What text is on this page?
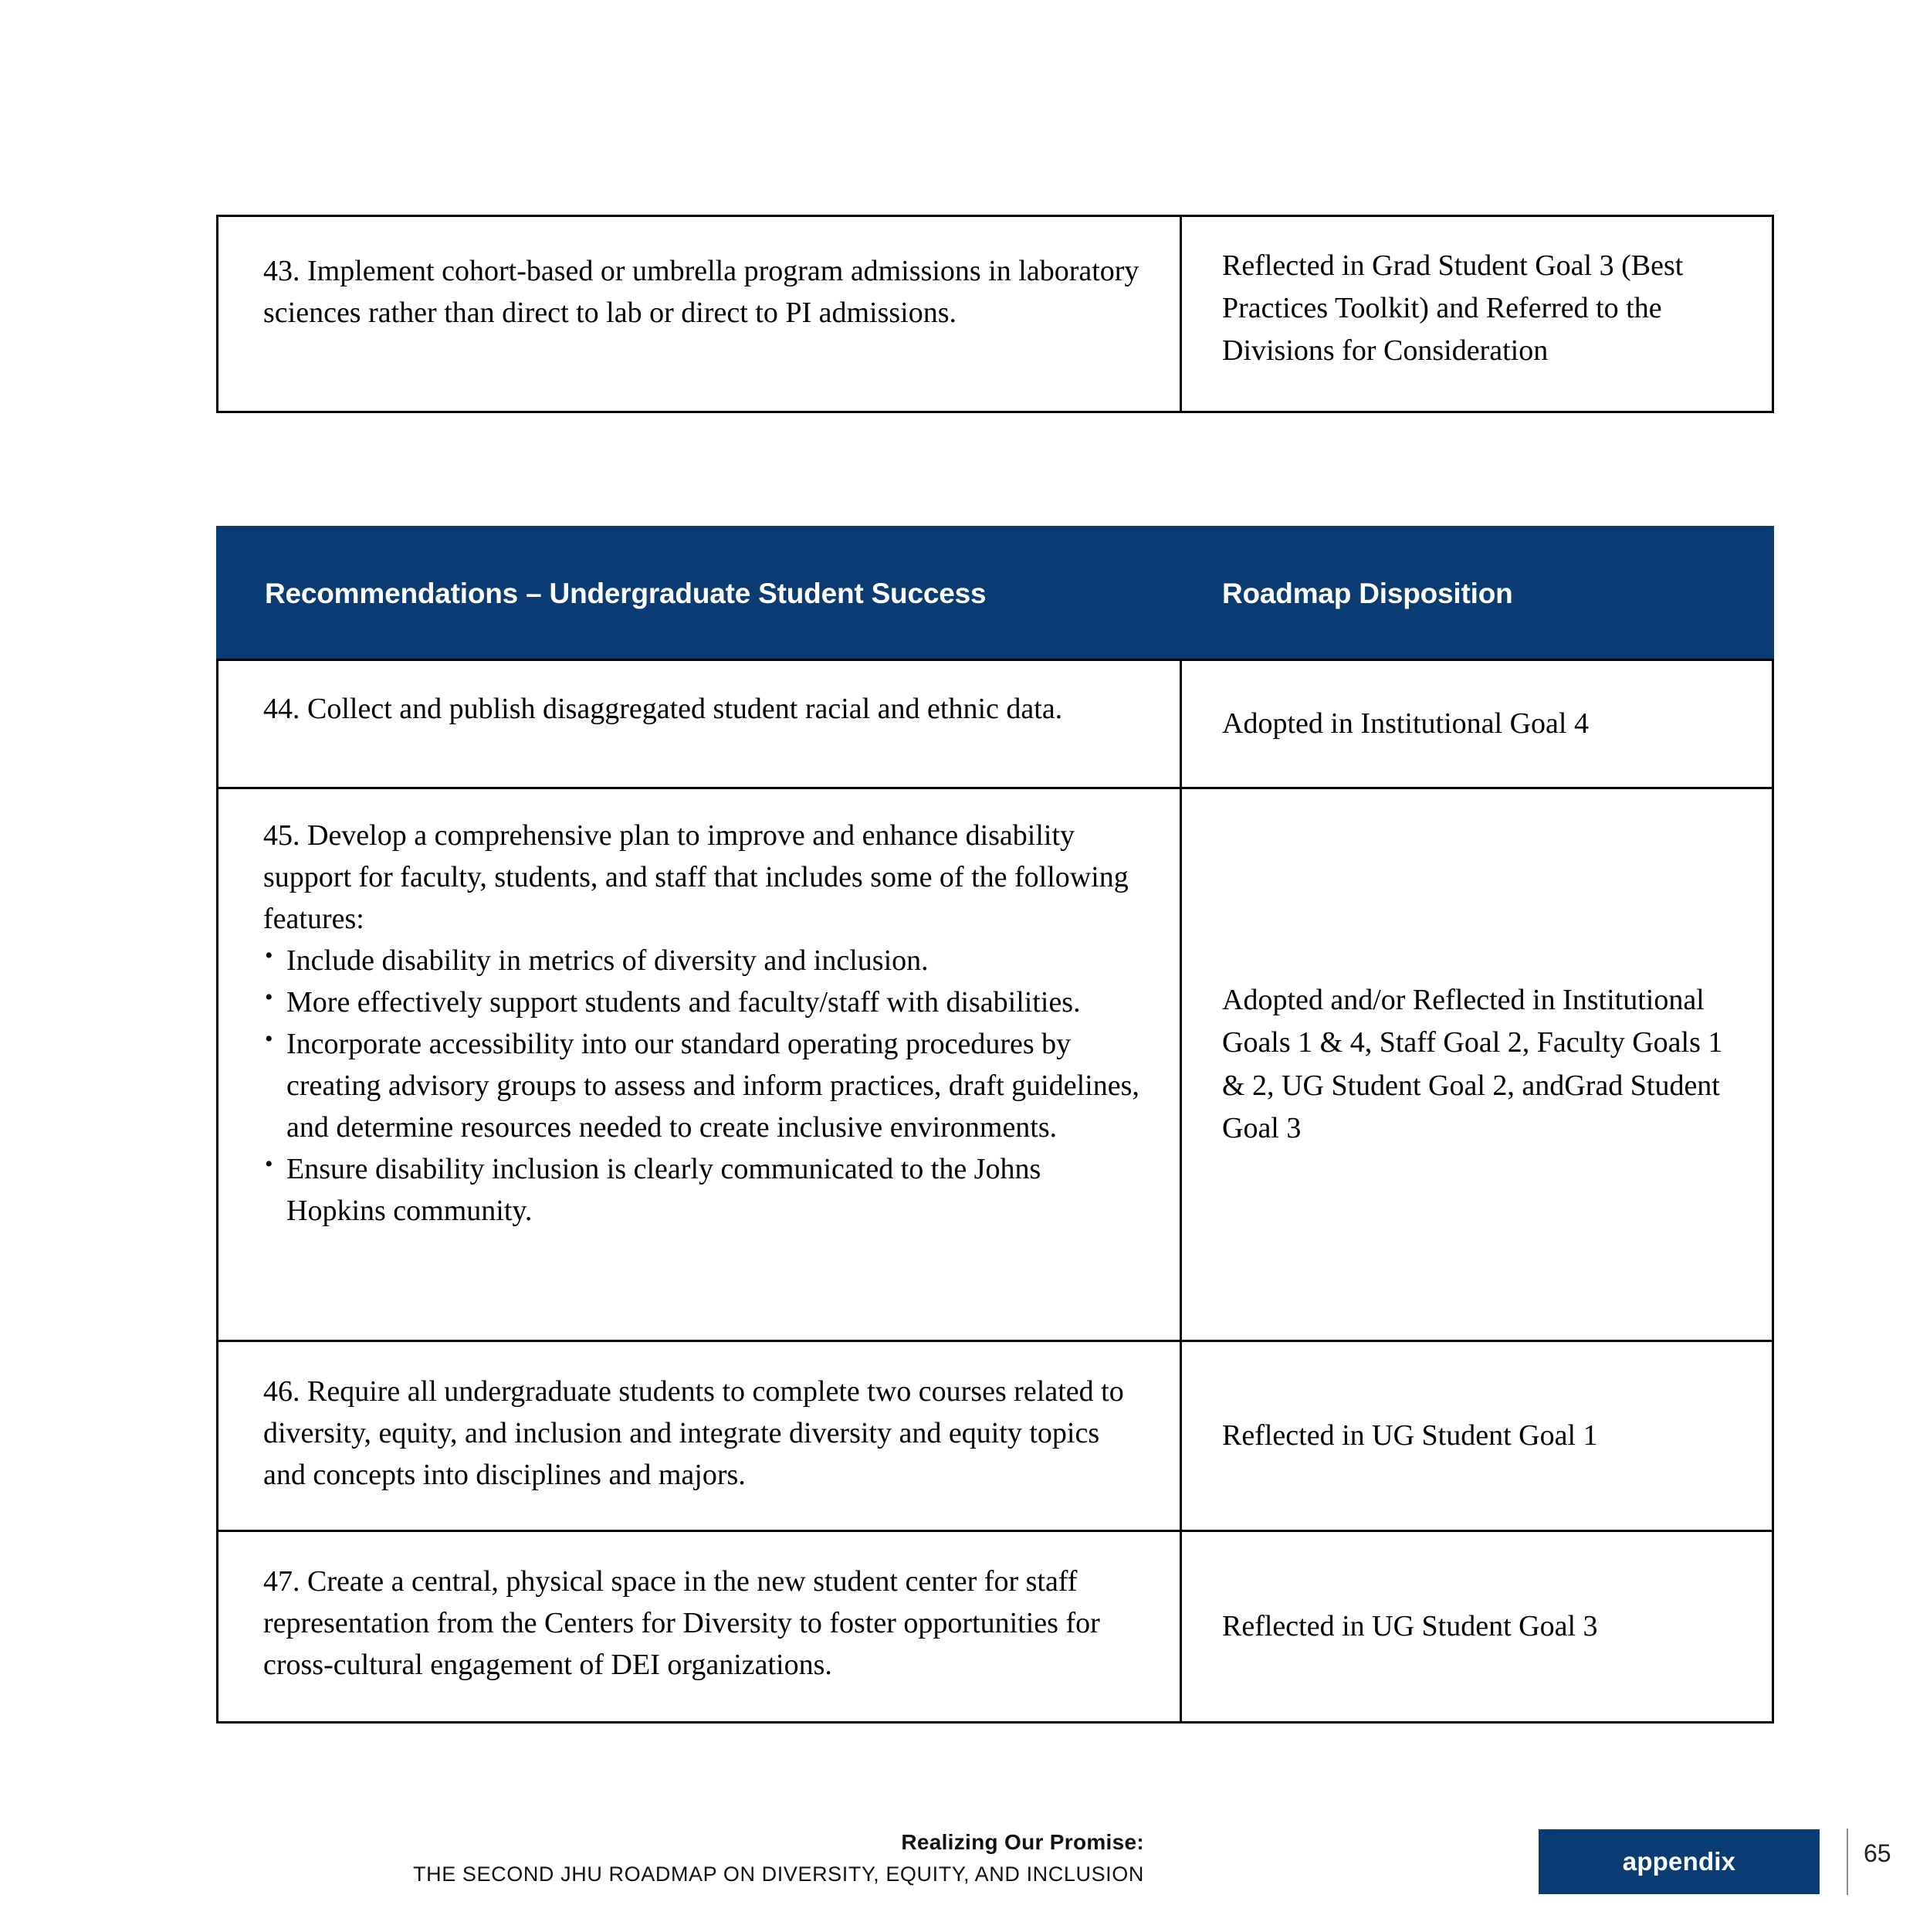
43. Implement cohort-based or umbrella program admissions in laboratory sciences rather than direct to lab or direct to PI admissions.

	Reflected in Grad Student Goal 3 (Best Practices Toolkit) and Referred to the Divisions for Consideration
Recommendations – Undergraduate Student Success	Roadmap Disposition

44. Collect and publish disaggregated student racial and ethnic data.	Adopted in Institutional Goal 4

45. Develop a comprehensive plan to improve and enhance disability support for faculty, students, and staff that includes some of the following features:

• Include disability in metrics of diversity and inclusion.
• More effectively support students and faculty/staff with disabilities.
• Incorporate accessibility into our standard operating procedures by creating advisory groups to assess and inform practices, draft guidelines, and determine resources needed to create inclusive environments.
• Ensure disability inclusion is clearly communicated to the Johns Hopkins community.
	Adopted and/or Reflected in Institutional Goals 1 & 4, Staff Goal 2, Faculty Goals 1 & 2, UG Student Goal 2, andGrad Student Goal 3

46. Require all undergraduate students to complete two courses related to diversity, equity, and inclusion and integrate diversity and equity topics and concepts into disciplines and majors.	Reflected in UG Student Goal 1

47. Create a central, physical space in the new student center for staff representation from the Centers for Diversity to foster opportunities for cross-cultural engagement of DEI organizations.	Reflected in UG Student Goal 3
Realizing Our Promise:
THE SECOND JHU ROADMAP ON DIVERSITY, EQUITY, AND INCLUSION	appendix	65
